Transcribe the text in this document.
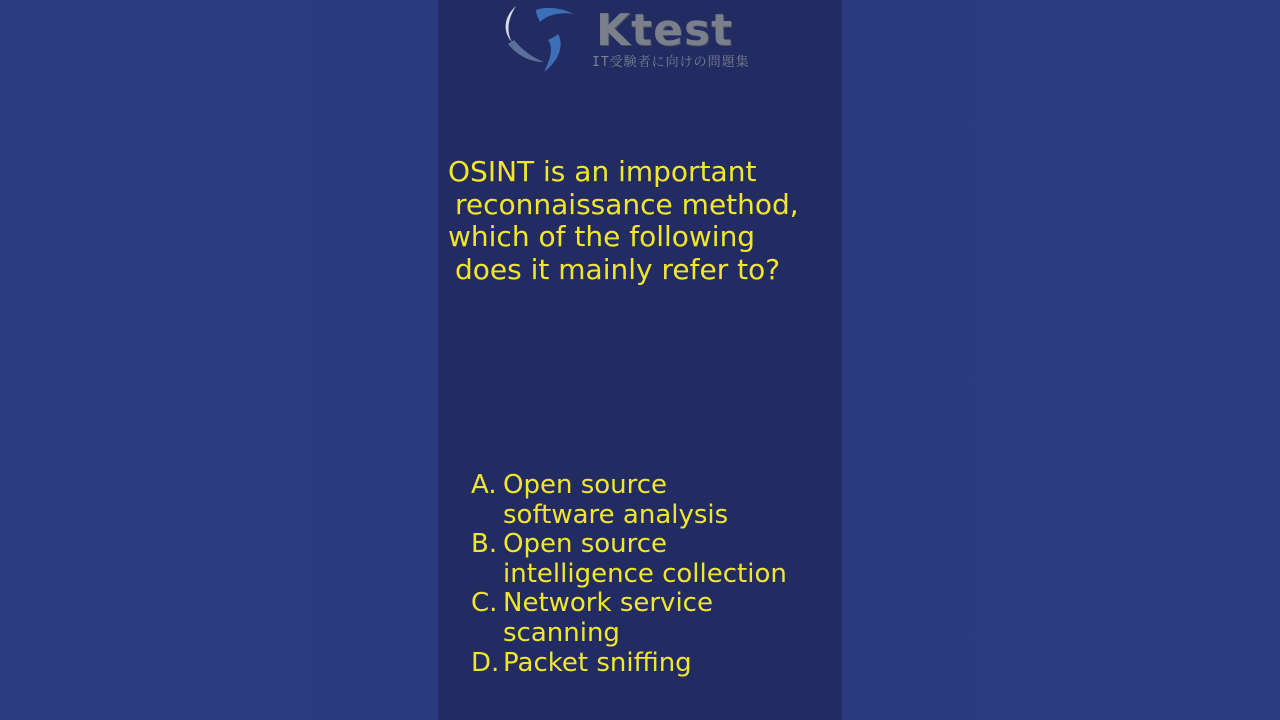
Ktest
IT受験者に向けの問題集
OSINT is an important
reconnaissance method,
which of the following
does it mainly refer to?
A. Open source
software analysis
B. Open source
intelligence collection
C. Network service
scanning
D. Packet sniffing
